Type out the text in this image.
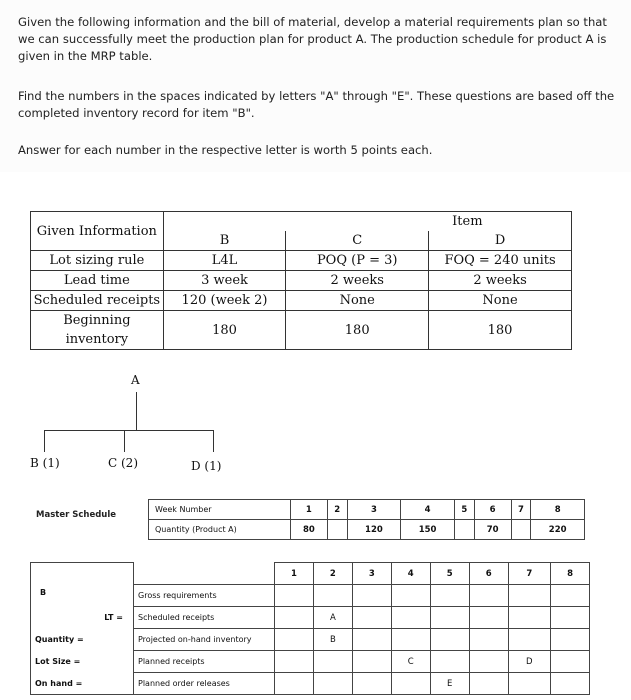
Given the following information and the bill of material, develop a material requirements plan so that we can successfully meet the production plan for product A. The production schedule for product A is given in the MRP table.

Find the numbers in the spaces indicated by letters "A" through "E". These questions are based off the completed inventory record for item "B".

Answer for each number in the respective letter is worth 5 points each.

Given Information	Item		
	B	C	D
Lot sizing rule	L4L	POQ (P = 3)	FOQ = 240 units
Lead time	3 week	2 weeks	2 weeks
Scheduled receipts	120 (week 2)	None	None
Beginning inventory	180	180	180
A
B (1)	C (2)	D (1)
Master Schedule
Week Number	1	2	3	4	5	6	7	8
Quantity (Product A)	80		120	150		70		220
		1	2	3	4	5	6	7	8
	Gross requirements								
LT =	Scheduled receipts		A						
Quantity =	Projected on-hand inventory		B						
Lot Size =	Planned receipts				C			D	
On hand =	Planned order releases					E			
B
